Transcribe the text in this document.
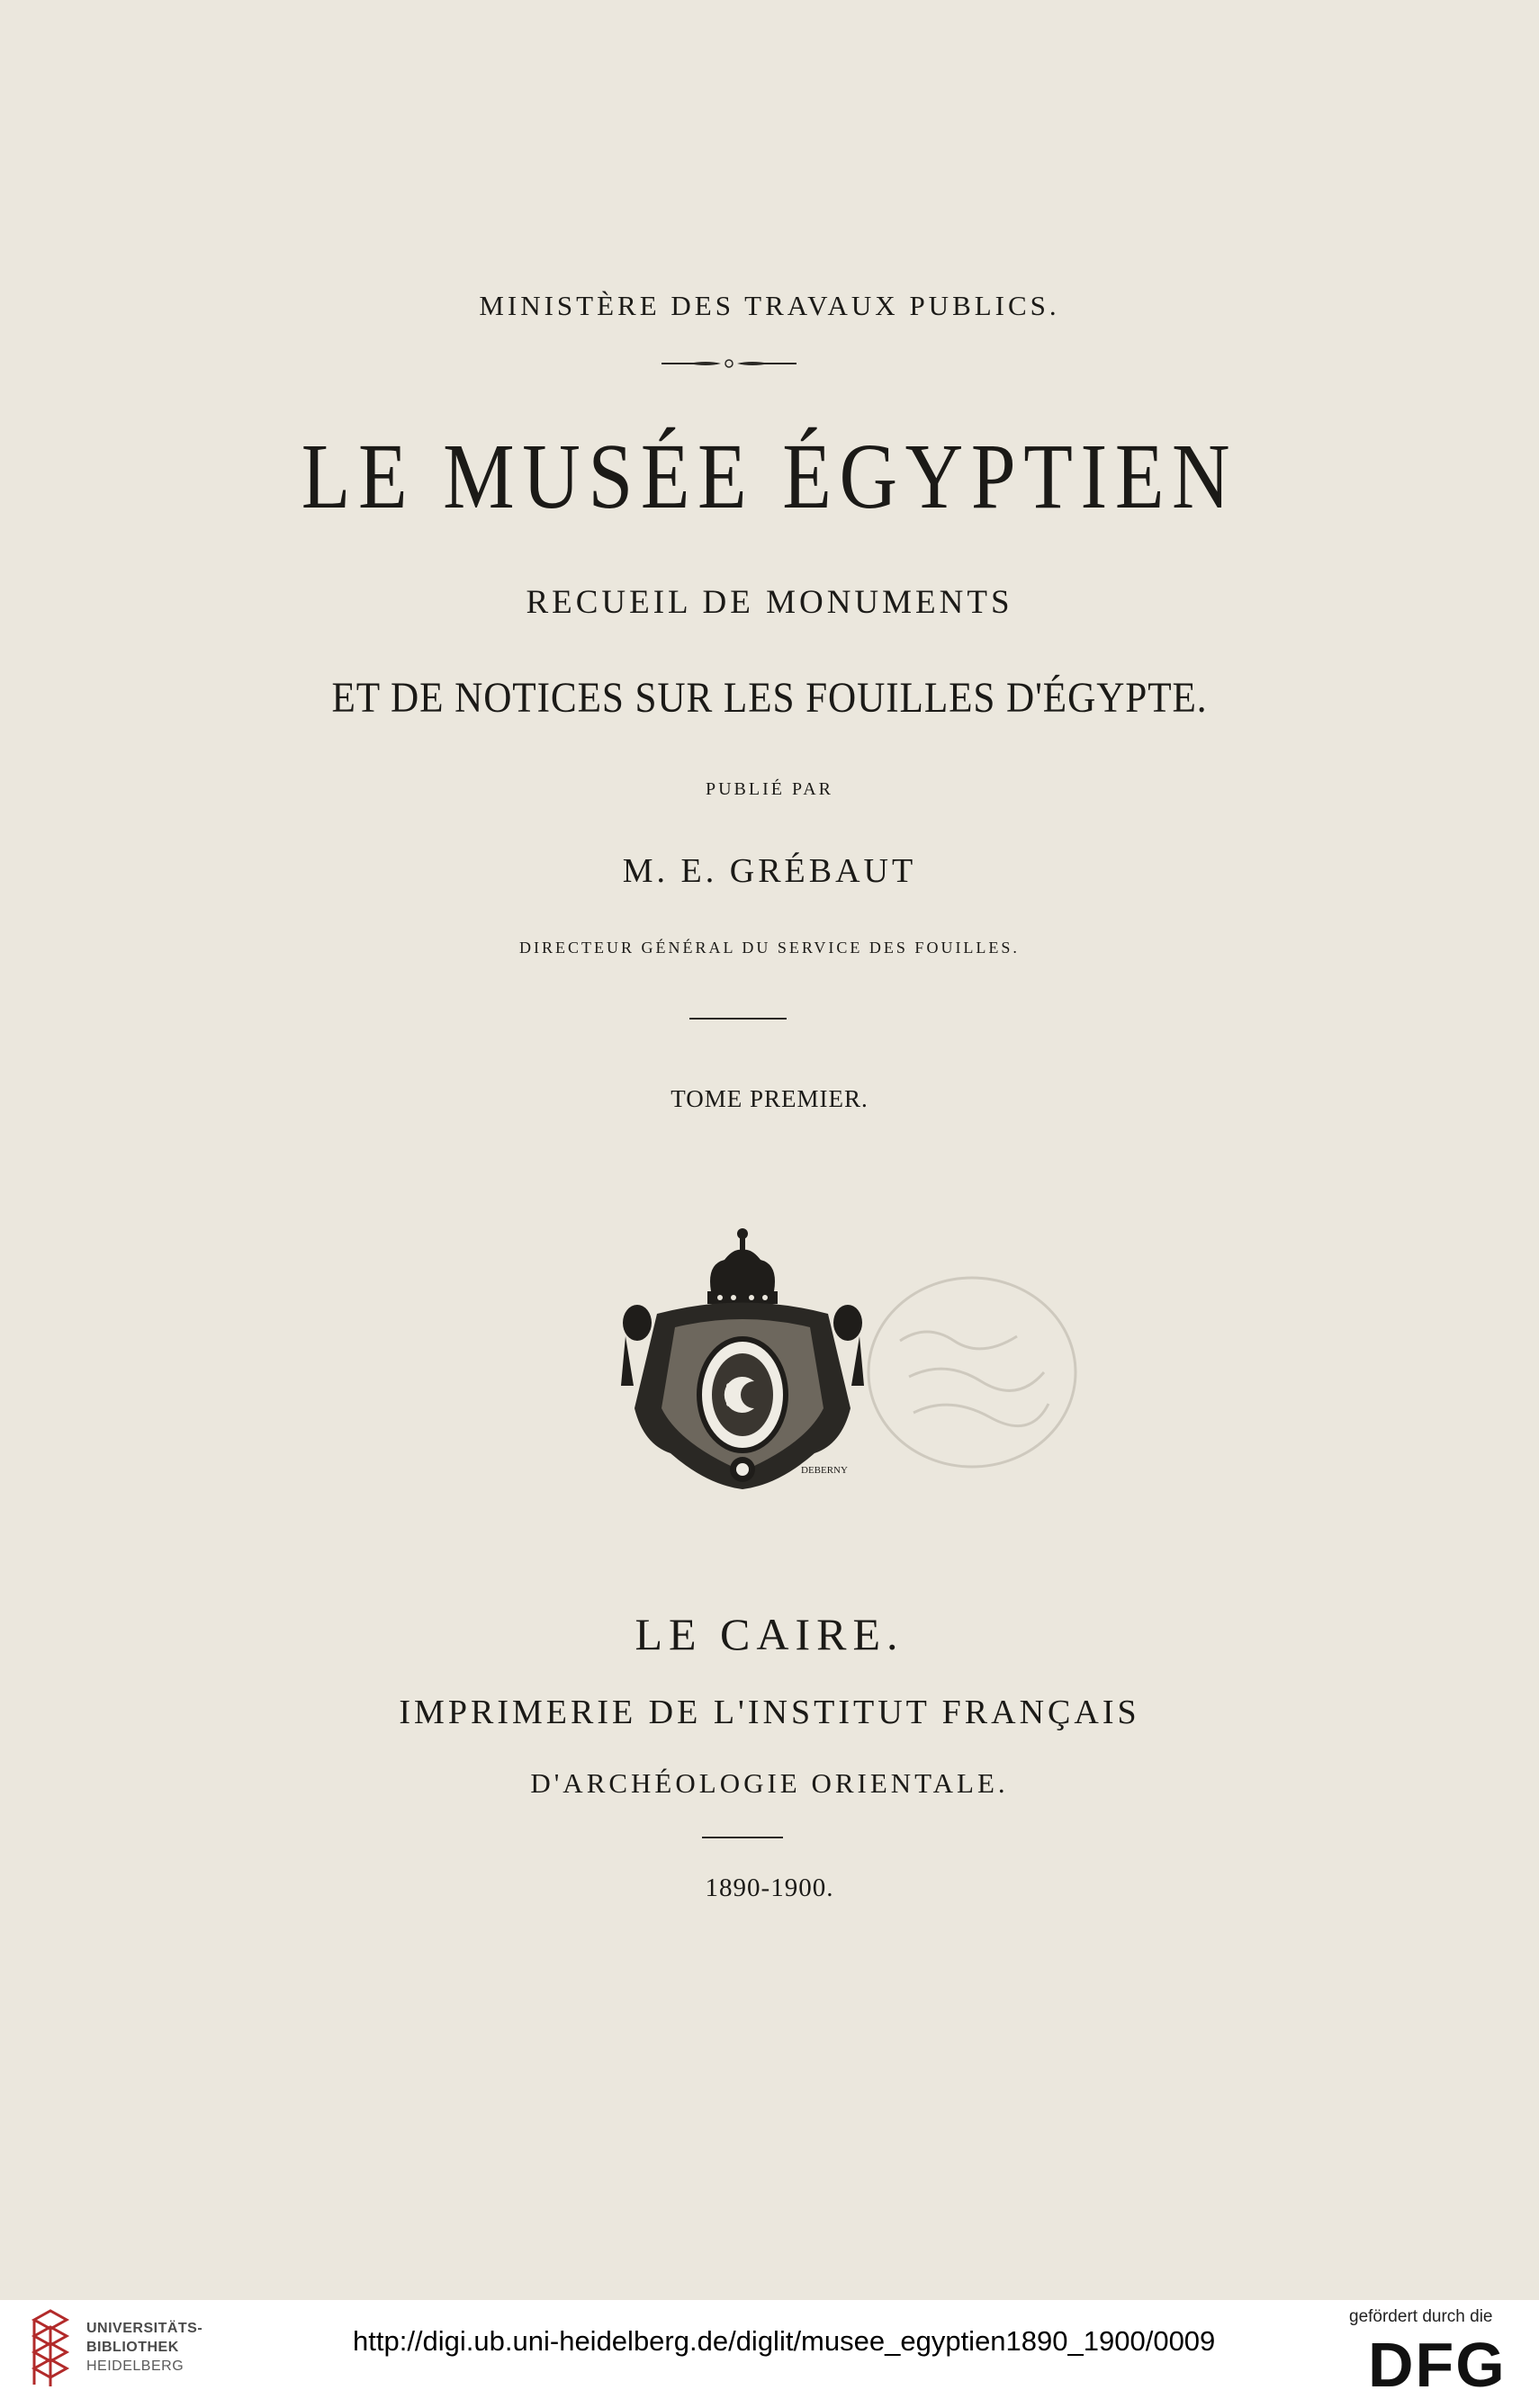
MINISTÈRE DES TRAVAUX PUBLICS.
LE MUSÉE ÉGYPTIEN
RECUEIL DE MONUMENTS
ET DE NOTICES SUR LES FOUILLES D'ÉGYPTE.
PUBLIÉ PAR
M. E. GRÉBAUT
DIRECTEUR GÉNÉRAL DU SERVICE DES FOUILLES.
TOME PREMIER.
DEBERNY
LE CAIRE.
IMPRIMERIE DE L'INSTITUT FRANÇAIS
D'ARCHÉOLOGIE ORIENTALE.
1890-1900.
UNIVERSITÄTS-
BIBLIOTHEK
HEIDELBERG
http://digi.ub.uni-heidelberg.de/diglit/musee_egyptien1890_1900/0009
gefördert durch die
DFG
